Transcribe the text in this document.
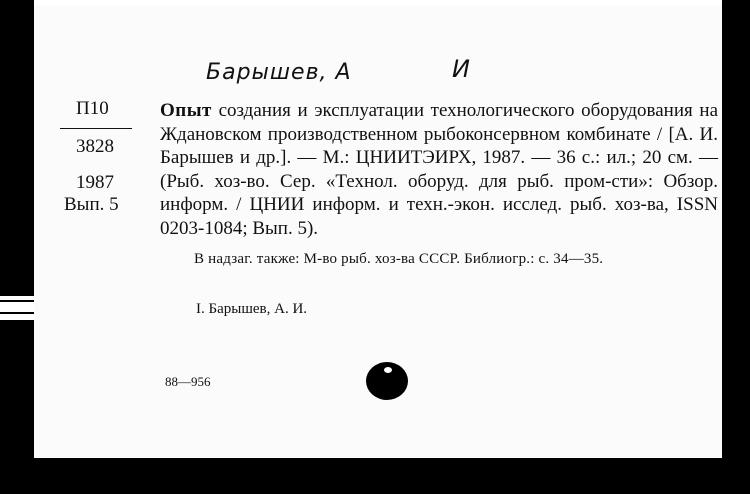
Барышев, А	И
П10
3828
1987
Вып. 5
Опыт создания и эксплуатации технологического оборудования на Ждановском производственном рыбоконсервном комбинате / [А. И. Барышев и др.]. — М.: ЦНИИТЭИРХ, 1987. — 36 с.: ил.; 20 см. — (Рыб. хоз-во. Сер. «Технол. оборуд. для рыб. пром-сти»: Обзор. информ. / ЦНИИ информ. и техн.-экон. исслед. рыб. хоз-ва, ISSN 0203-1084; Вып. 5).
В надзаг. также: М-во рыб. хоз-ва СССР. Библиогр.: с. 34—35.
I. Барышев, А. И.
88—956
